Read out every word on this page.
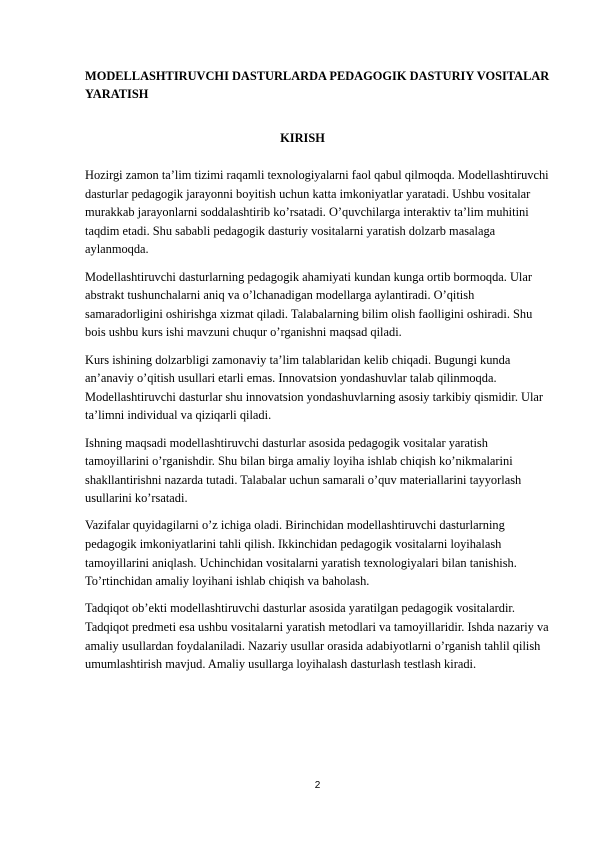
MODELLASHTIRUVCHI DASTURLARDA PEDAGOGIK DASTURIY VOSITALAR YARATISH
KIRISH

Hozirgi zamon ta’lim tizimi raqamli texnologiyalarni faol qabul qilmoqda. Modellashtiruvchi dasturlar pedagogik jarayonni boyitish uchun katta imkoniyatlar yaratadi. Ushbu vositalar murakkab jarayonlarni soddalashtirib ko’rsatadi. O’quvchilarga interaktiv ta’lim muhitini taqdim etadi. Shu sababli pedagogik dasturiy vositalarni yaratish dolzarb masalaga aylanmoqda.

Modellashtiruvchi dasturlarning pedagogik ahamiyati kundan kunga ortib bormoqda. Ular abstrakt tushunchalarni aniq va o’lchanadigan modellarga aylantiradi. O’qitish samaradorligini oshirishga xizmat qiladi. Talabalarning bilim olish faolligini oshiradi. Shu bois ushbu kurs ishi mavzuni chuqur o’rganishni maqsad qiladi.

Kurs ishining dolzarbligi zamonaviy ta’lim talablaridan kelib chiqadi. Bugungi kunda an’anaviy o’qitish usullari etarli emas. Innovatsion yondashuvlar talab qilinmoqda. Modellashtiruvchi dasturlar shu innovatsion yondashuvlarning asosiy tarkibiy qismidir. Ular ta’limni individual va qiziqarli qiladi.

Ishning maqsadi modellashtiruvchi dasturlar asosida pedagogik vositalar yaratish tamoyillarini o’rganishdir. Shu bilan birga amaliy loyiha ishlab chiqish ko’nikmalarini shakllantirishni nazarda tutadi. Talabalar uchun samarali o’quv materiallarini tayyorlash usullarini ko’rsatadi.

Vazifalar quyidagilarni o’z ichiga oladi. Birinchidan modellashtiruvchi dasturlarning pedagogik imkoniyatlarini tahli qilish. Ikkinchidan pedagogik vositalarni loyihalash tamoyillarini aniqlash. Uchinchidan vositalarni yaratish texnologiyalari bilan tanishish. To’rtinchidan amaliy loyihani ishlab chiqish va baholash.

Tadqiqot ob’ekti modellashtiruvchi dasturlar asosida yaratilgan pedagogik vositalardir. Tadqiqot predmeti esa ushbu vositalarni yaratish metodlari va tamoyillaridir. Ishda nazariy va amaliy usullardan foydalaniladi. Nazariy usullar orasida adabiyotlarni o’rganish tahlil qilish umumlashtirish mavjud. Amaliy usullarga loyihalash dasturlash testlash kiradi.

2
